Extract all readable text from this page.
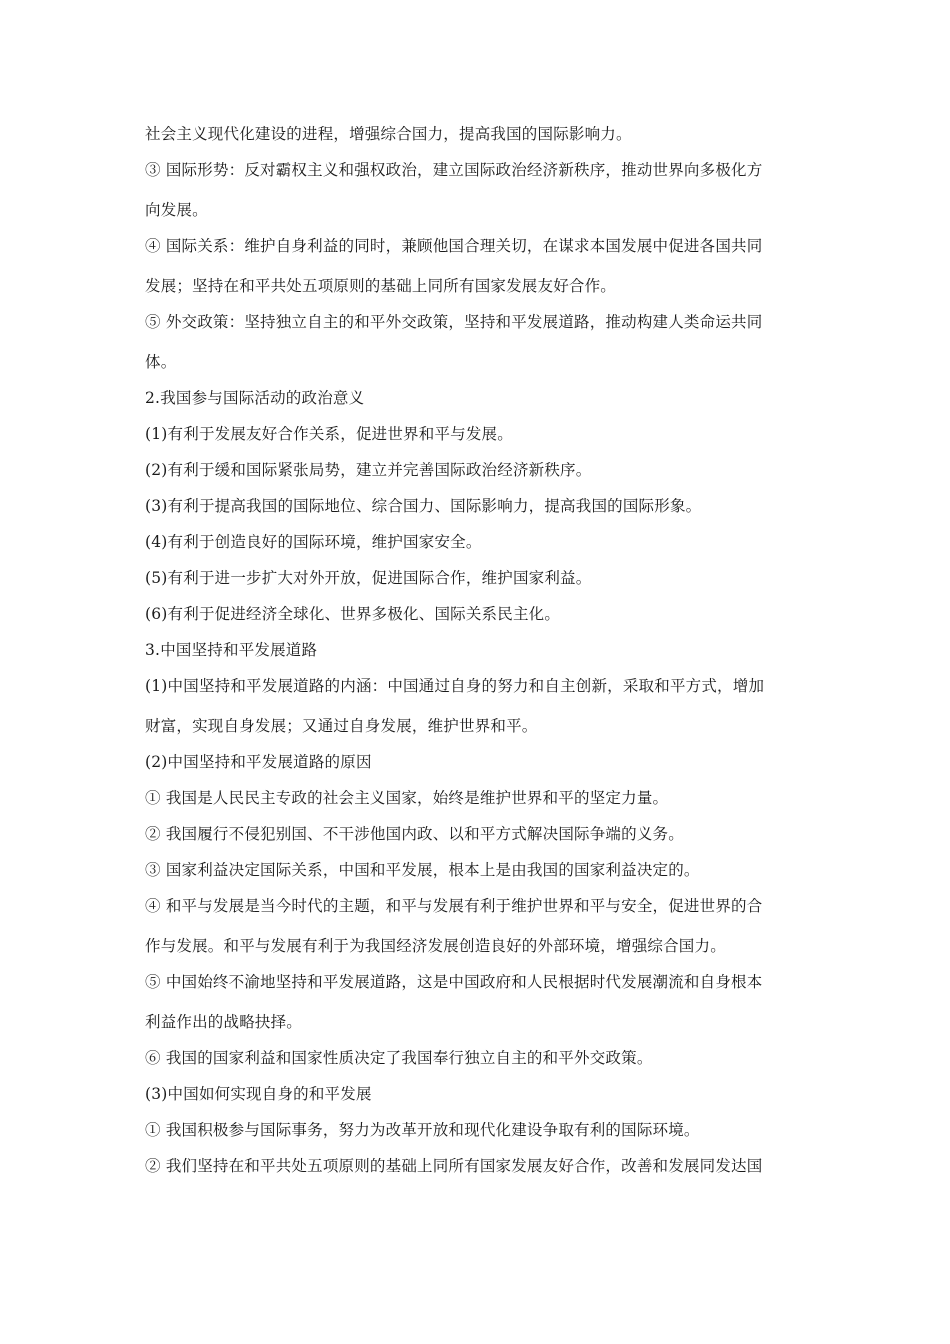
社会主义现代化建设的进程，增强综合国力，提高我国的国际影响力。

③ 国际形势：反对霸权主义和强权政治，建立国际政治经济新秩序，推动世界向多极化方

向发展。

④ 国际关系：维护自身利益的同时，兼顾他国合理关切，在谋求本国发展中促进各国共同

发展；坚持在和平共处五项原则的基础上同所有国家发展友好合作。

⑤ 外交政策：坚持独立自主的和平外交政策，坚持和平发展道路，推动构建人类命运共同

体。

2.我国参与国际活动的政治意义

(1)有利于发展友好合作关系，促进世界和平与发展。

(2)有利于缓和国际紧张局势，建立并完善国际政治经济新秩序。

(3)有利于提高我国的国际地位、综合国力、国际影响力，提高我国的国际形象。

(4)有利于创造良好的国际环境，维护国家安全。

(5)有利于进一步扩大对外开放，促进国际合作，维护国家利益。

(6)有利于促进经济全球化、世界多极化、国际关系民主化。

3.中国坚持和平发展道路

(1)中国坚持和平发展道路的内涵：中国通过自身的努力和自主创新，采取和平方式，增加

财富，实现自身发展；又通过自身发展，维护世界和平。

(2)中国坚持和平发展道路的原因

① 我国是人民民主专政的社会主义国家，始终是维护世界和平的坚定力量。

② 我国履行不侵犯别国、不干涉他国内政、以和平方式解决国际争端的义务。

③ 国家利益决定国际关系，中国和平发展，根本上是由我国的国家利益决定的。

④ 和平与发展是当今时代的主题，和平与发展有利于维护世界和平与安全，促进世界的合

作与发展。和平与发展有利于为我国经济发展创造良好的外部环境，增强综合国力。

⑤ 中国始终不渝地坚持和平发展道路，这是中国政府和人民根据时代发展潮流和自身根本

利益作出的战略抉择。

⑥ 我国的国家利益和国家性质决定了我国奉行独立自主的和平外交政策。

(3)中国如何实现自身的和平发展

① 我国积极参与国际事务，努力为改革开放和现代化建设争取有利的国际环境。

② 我们坚持在和平共处五项原则的基础上同所有国家发展友好合作，改善和发展同发达国
